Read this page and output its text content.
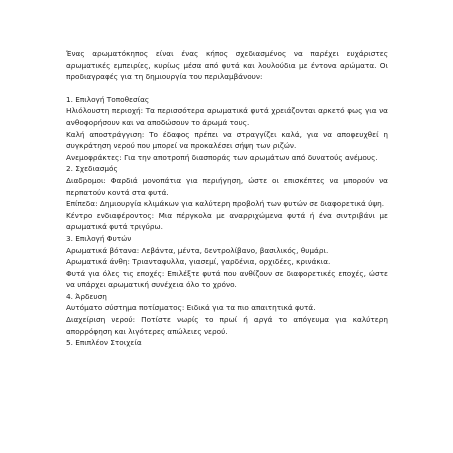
Ένας αρωματόκηπος είναι ένας κήπος σχεδιασμένος να παρέχει ευχάριστες αρωματικές εμπειρίες, κυρίως μέσα από φυτά και λουλούδια με έντονα αρώματα. Οι προδιαγραφές για τη δημιουργία του περιλαμβάνουν:

1. Επιλογή Τοποθεσίας

Ηλιόλουστη περιοχή: Τα περισσότερα αρωματικά φυτά χρειάζονται αρκετό φως για να ανθοφορήσουν και να αποδώσουν το άρωμά τους.

Καλή αποστράγγιση: Το έδαφος πρέπει να στραγγίζει καλά, για να αποφευχθεί η συγκράτηση νερού που μπορεί να προκαλέσει σήψη των ριζών.

Ανεμοφράκτες: Για την αποτροπή διασποράς των αρωμάτων από δυνατούς ανέμους.

2. Σχεδιασμός

Διαδρομοι: Φαρδιά μονοπάτια για περιήγηση, ώστε οι επισκέπτες να μπορούν να περπατούν κοντά στα φυτά.

Επίπεδα: Δημιουργία κλιμάκων για καλύτερη προβολή των φυτών σε διαφορετικά ύψη.

Κέντρο ενδιαφέροντος: Μια πέργκολα με αναρριχώμενα φυτά ή ένα σιντριβάνι με αρωματικά φυτά τριγύρω.

3. Επιλογή Φυτών

Αρωματικά βότανα: Λεβάντα, μέντα, δεντρολίβανο, βασιλικός, θυμάρι.

Αρωματικά άνθη: Τριανταφυλλα, γιασεμί, γαρδένια, ορχιδέες, κρινάκια.

Φυτά για όλες τις εποχές: Επιλέξτε φυτά που ανθίζουν σε διαφορετικές εποχές, ώστε να υπάρχει αρωματική συνέχεια όλο το χρόνο.

4. Άρδευση

Αυτόματο σύστημα ποτίσματος: Ειδικά για τα πιο απαιτητικά φυτά.

Διαχείριση νερού: Ποτίστε νωρίς το πρωί ή αργά το απόγευμα για καλύτερη απορρόφηση και λιγότερες απώλειες νερού.

5. Επιπλέον Στοιχεία
